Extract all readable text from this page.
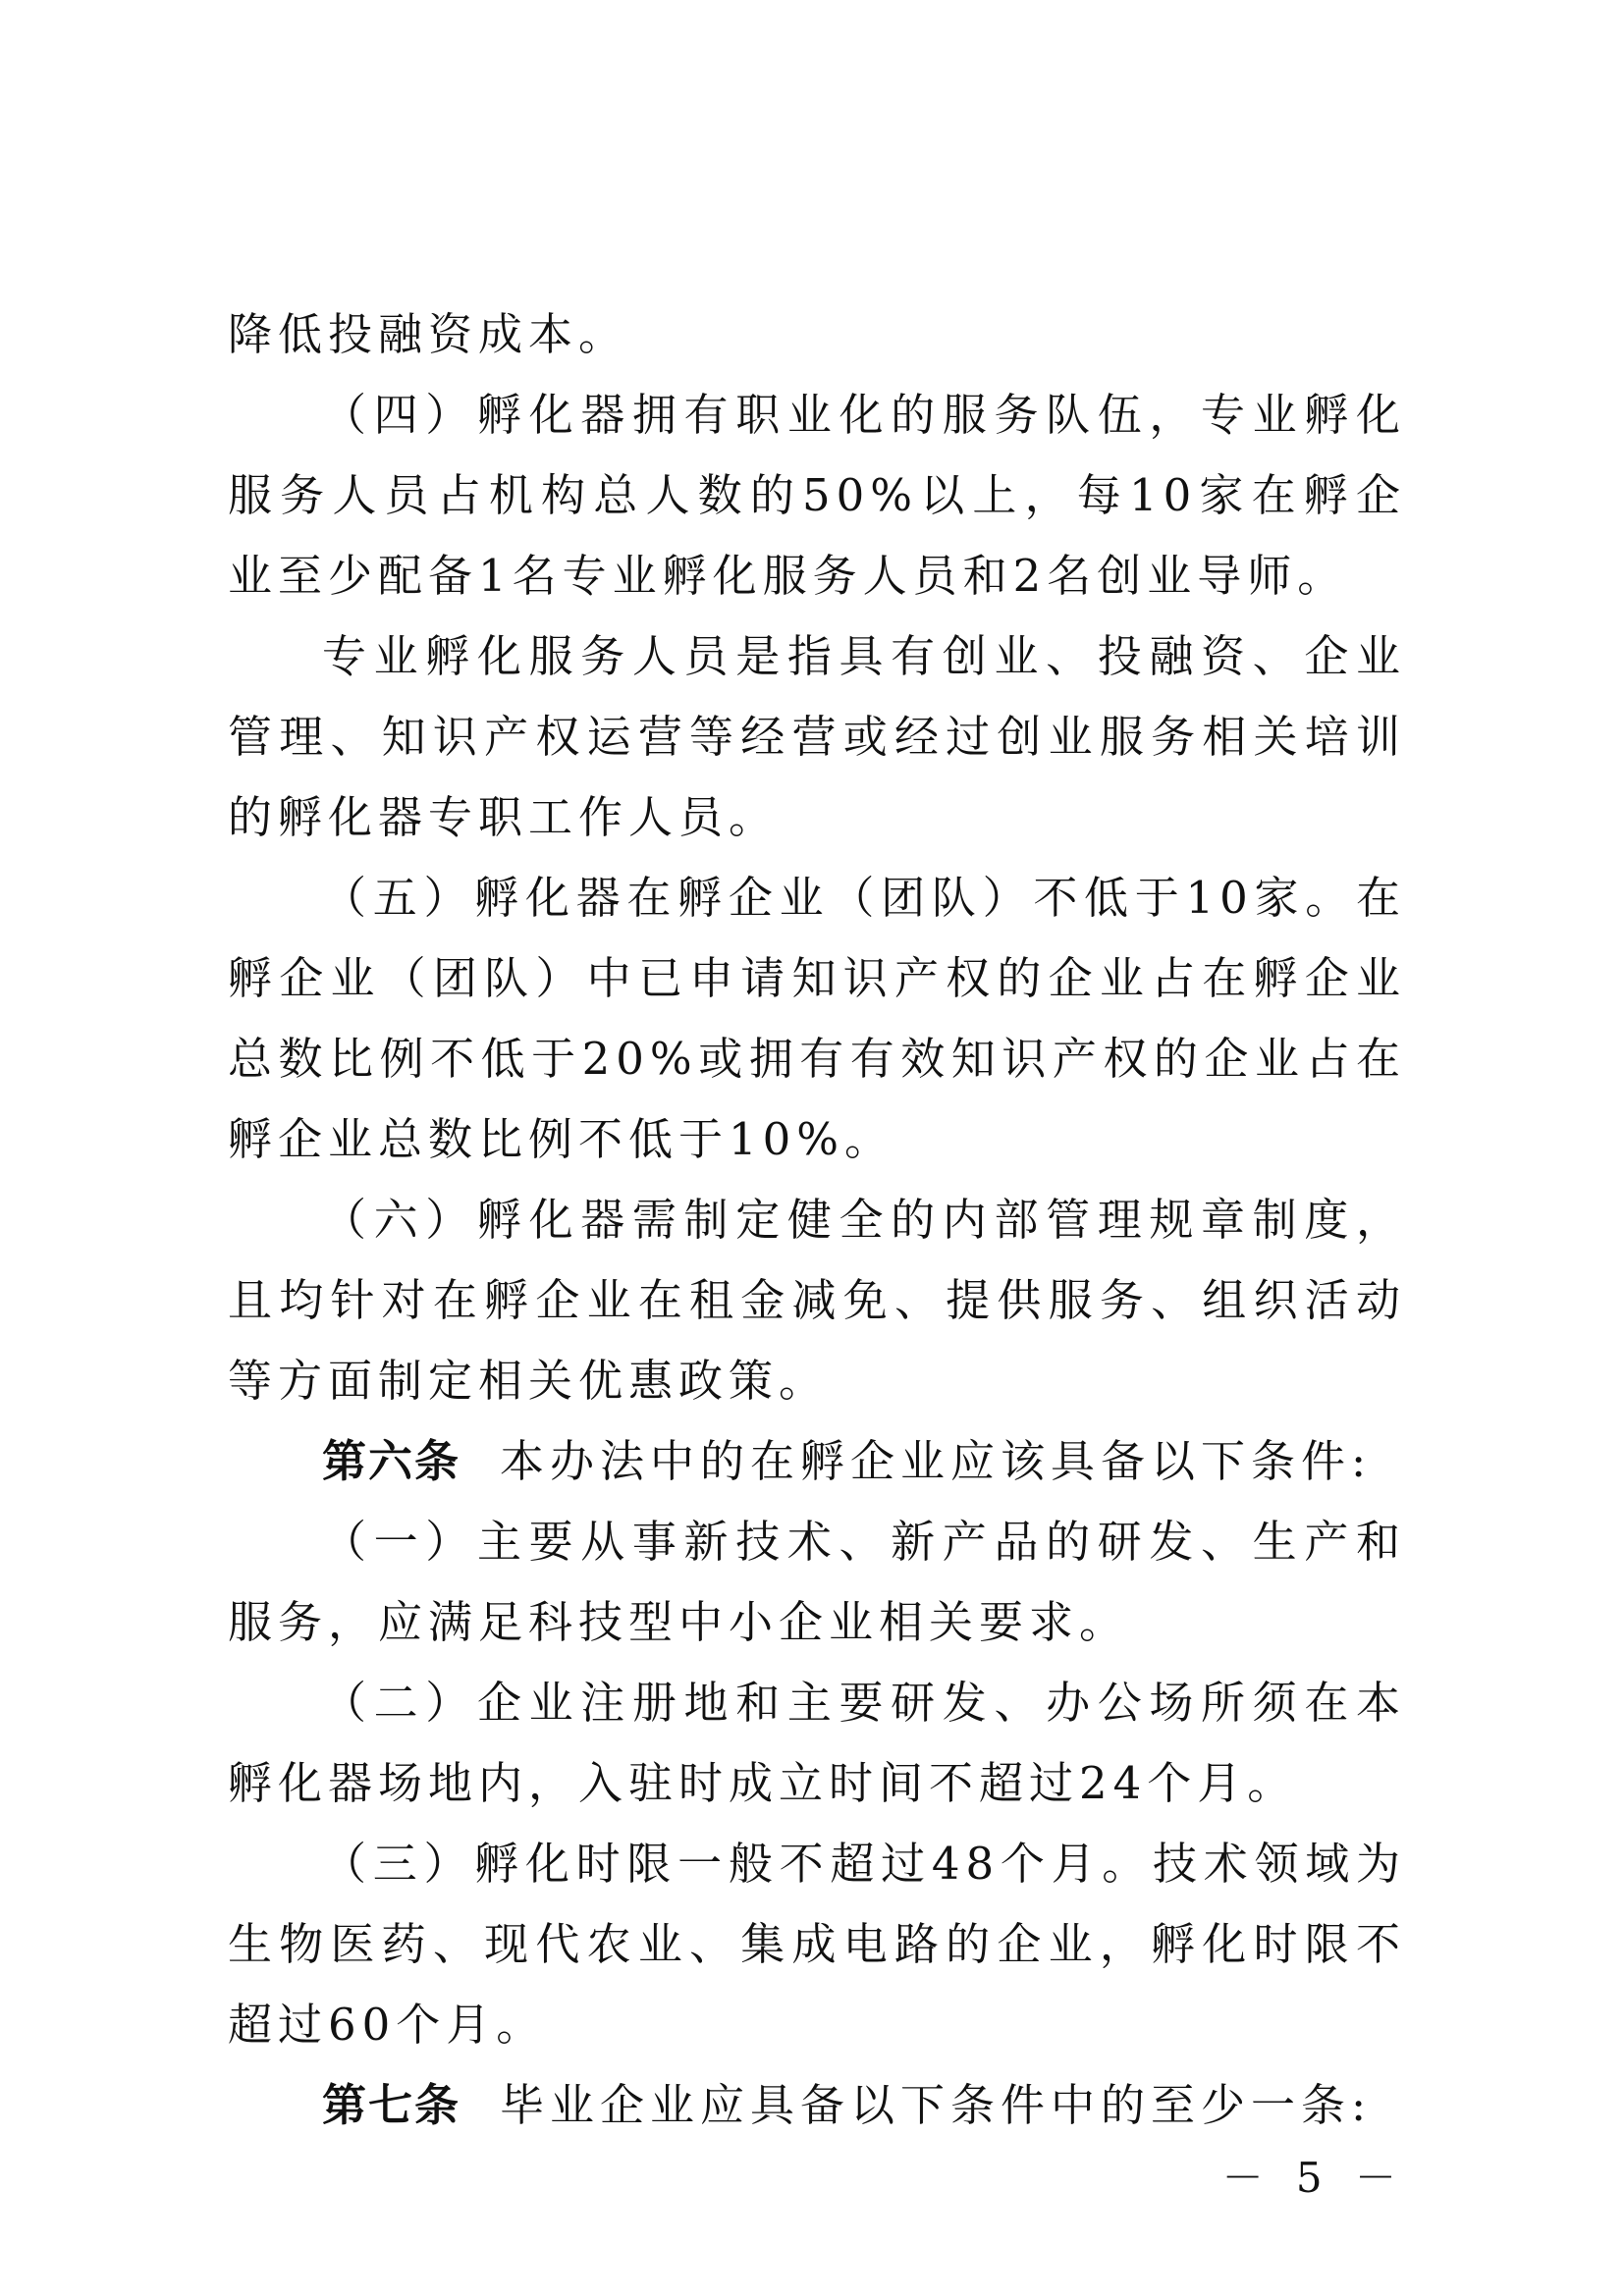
降低投融资成本。

（四）孵化器拥有职业化的服务队伍，专业孵化服务人员占机构总人数的50%以上，每10家在孵企业至少配备1名专业孵化服务人员和2名创业导师。

专业孵化服务人员是指具有创业、投融资、企业管理、知识产权运营等经营或经过创业服务相关培训的孵化器专职工作人员。

（五）孵化器在孵企业（团队）不低于10家。在孵企业（团队）中已申请知识产权的企业占在孵企业总数比例不低于20%或拥有有效知识产权的企业占在孵企业总数比例不低于10%。

（六）孵化器需制定健全的内部管理规章制度，且均针对在孵企业在租金减免、提供服务、组织活动等方面制定相关优惠政策。

第六条 本办法中的在孵企业应该具备以下条件:

（一）主要从事新技术、新产品的研发、生产和服务，应满足科技型中小企业相关要求。

（二）企业注册地和主要研发、办公场所须在本孵化器场地内，入驻时成立时间不超过24个月。

（三）孵化时限一般不超过48个月。技术领域为生物医药、现代农业、集成电路的企业，孵化时限不超过60个月。

第七条 毕业企业应具备以下条件中的至少一条:

－ 5 －
